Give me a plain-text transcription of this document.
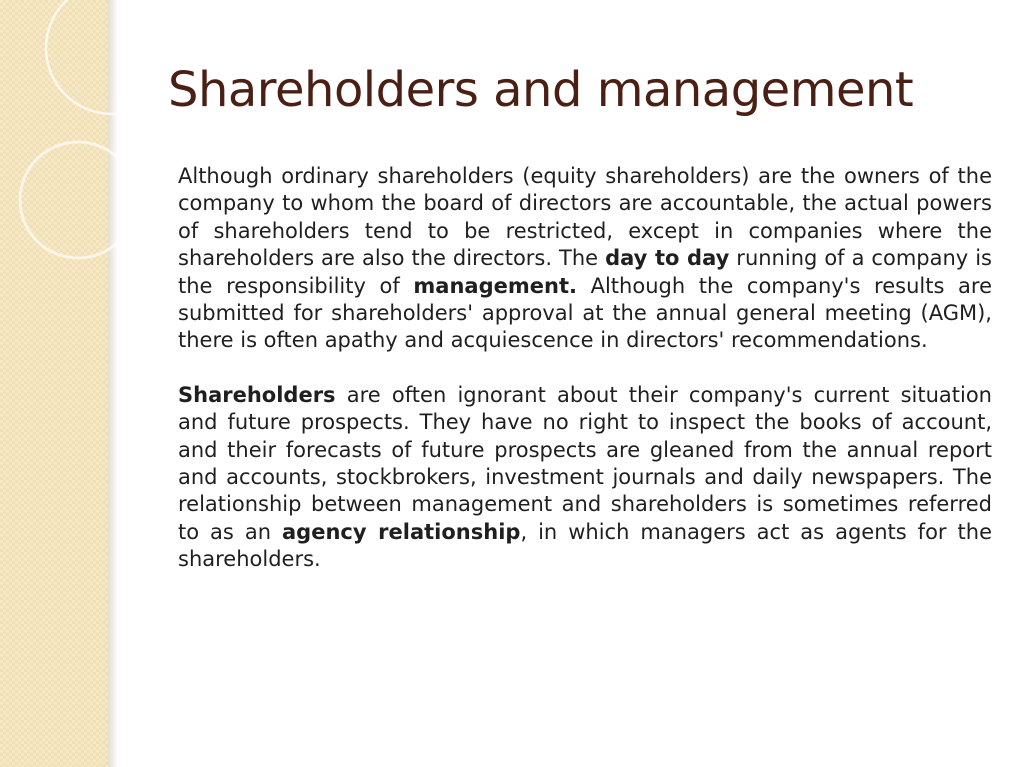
Shareholders and management

Although ordinary shareholders (equity shareholders) are the owners of the company to whom the board of directors are accountable, the actual powers of shareholders tend to be restricted, except in companies where the shareholders are also the directors. The day to day running of a company is the responsibility of management. Although the company's results are submitted for shareholders' approval at the annual general meeting (AGM), there is often apathy and acquiescence in directors' recommendations.

Shareholders are often ignorant about their company's current situation and future prospects. They have no right to inspect the books of account, and their forecasts of future prospects are gleaned from the annual report and accounts, stockbrokers, investment journals and daily newspapers. The relationship between management and shareholders is sometimes referred to as an agency relationship, in which managers act as agents for the shareholders.
